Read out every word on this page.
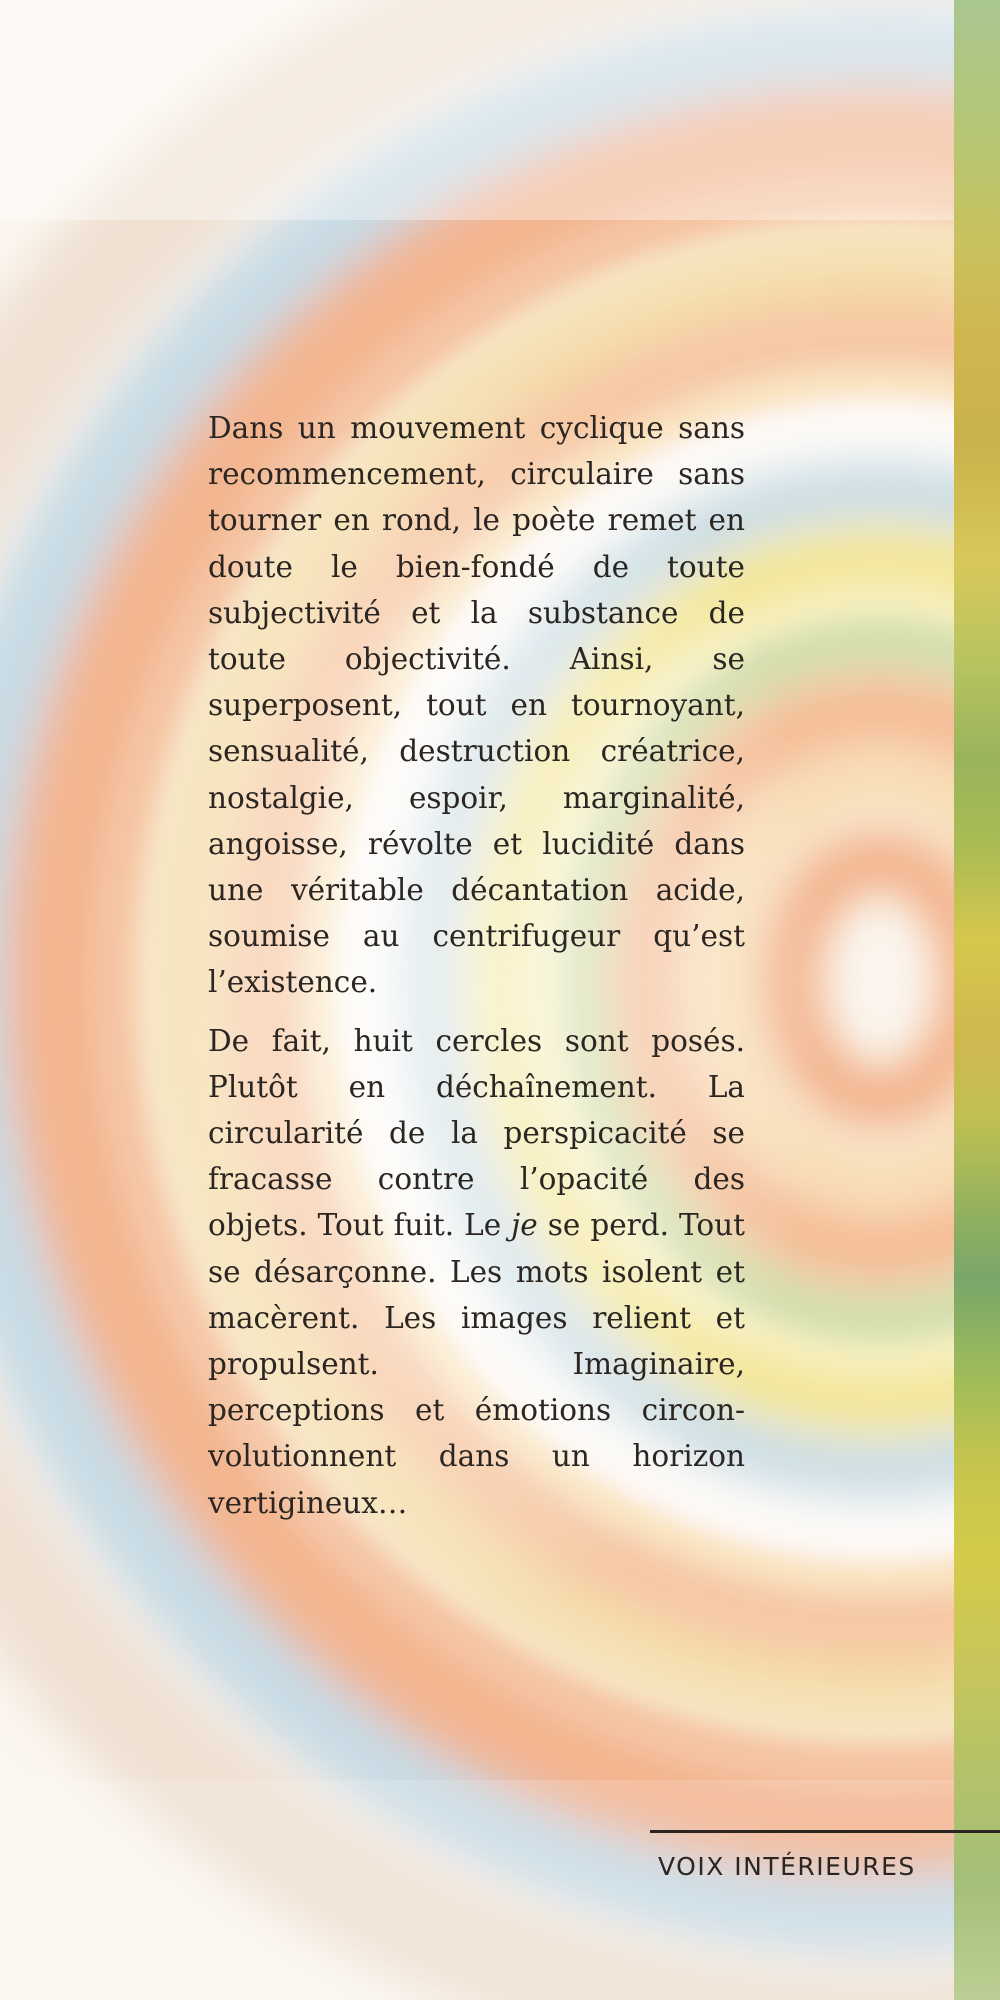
Dans un mouvement cyclique sans recommencement, circulaire sans tourner en rond, le poète remet en doute le bien-fondé de toute subjectivité et la substance de toute objectivité. Ainsi, se superposent, tout en tournoyant, sensualité, destruction créatrice, nostalgie, espoir, marginalité, angoisse, révolte et lucidité dans une véritable décantation acide, soumise au centrifugeur qu’est l’existence.

De fait, huit cercles sont posés. Plutôt en déchaînement. La circularité de la perspicacité se fracasse contre l’opacité des objets. Tout fuit. Le je se perd. Tout se désarçonne. Les mots isolent et macèrent. Les images relient et propulsent. Imaginaire, perceptions et émotions circonvolutionnent dans un horizon vertigineux…

VOIX INTÉRIEURES
